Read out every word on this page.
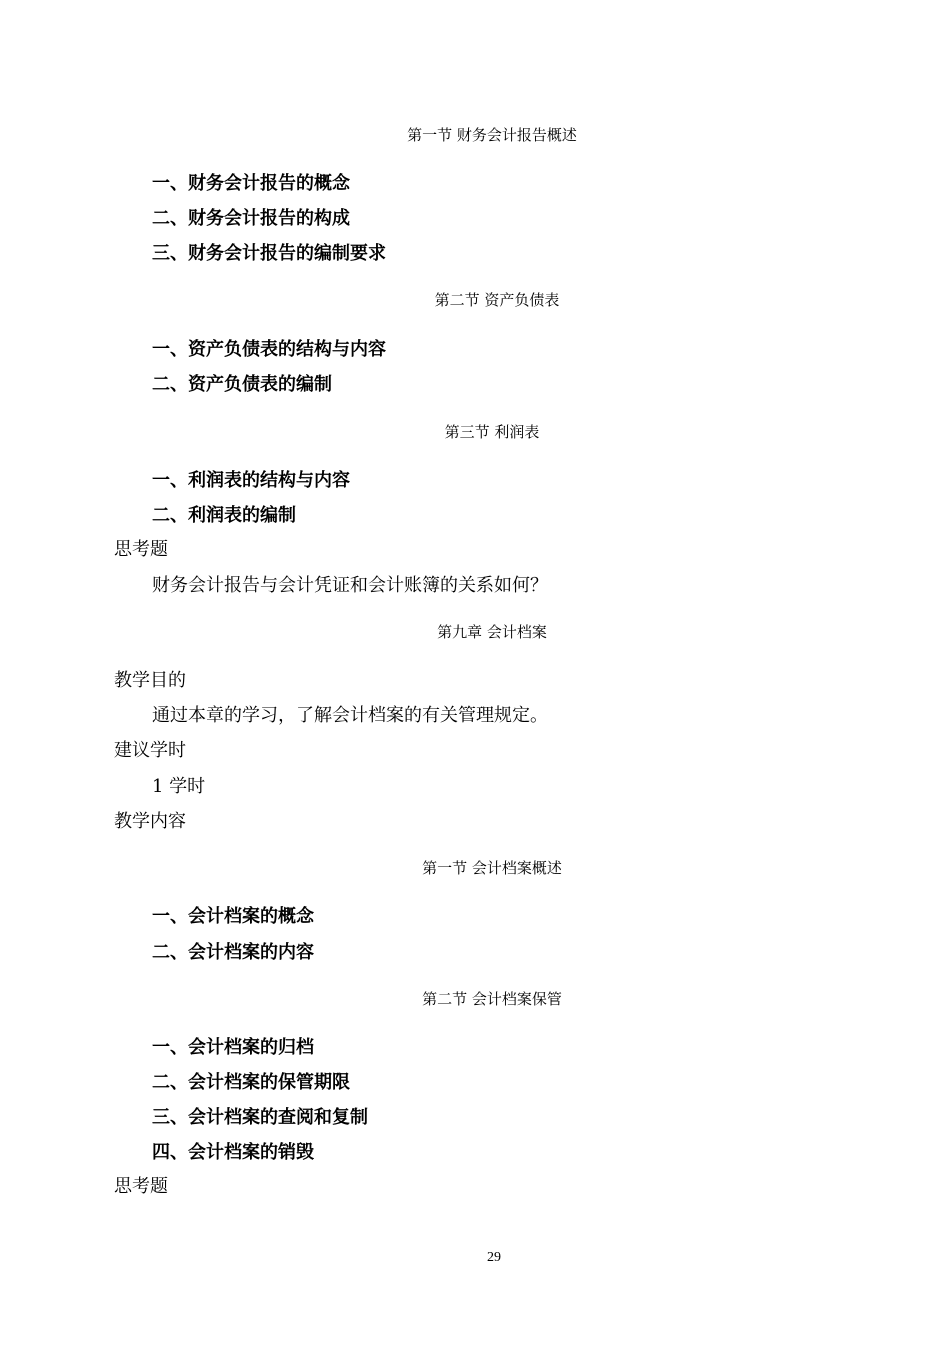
第一节 财务会计报告概述
一、财务会计报告的概念
二、财务会计报告的构成
三、财务会计报告的编制要求
第二节 资产负债表
一、资产负债表的结构与内容
二、资产负债表的编制
第三节 利润表
一、利润表的结构与内容
二、利润表的编制
思考题
财务会计报告与会计凭证和会计账簿的关系如何？
第九章 会计档案
教学目的
通过本章的学习，了解会计档案的有关管理规定。
建议学时
1 学时
教学内容
第一节 会计档案概述
一、会计档案的概念
二、会计档案的内容
第二节 会计档案保管
一、会计档案的归档
二、会计档案的保管期限
三、会计档案的查阅和复制
四、会计档案的销毁
思考题
29
